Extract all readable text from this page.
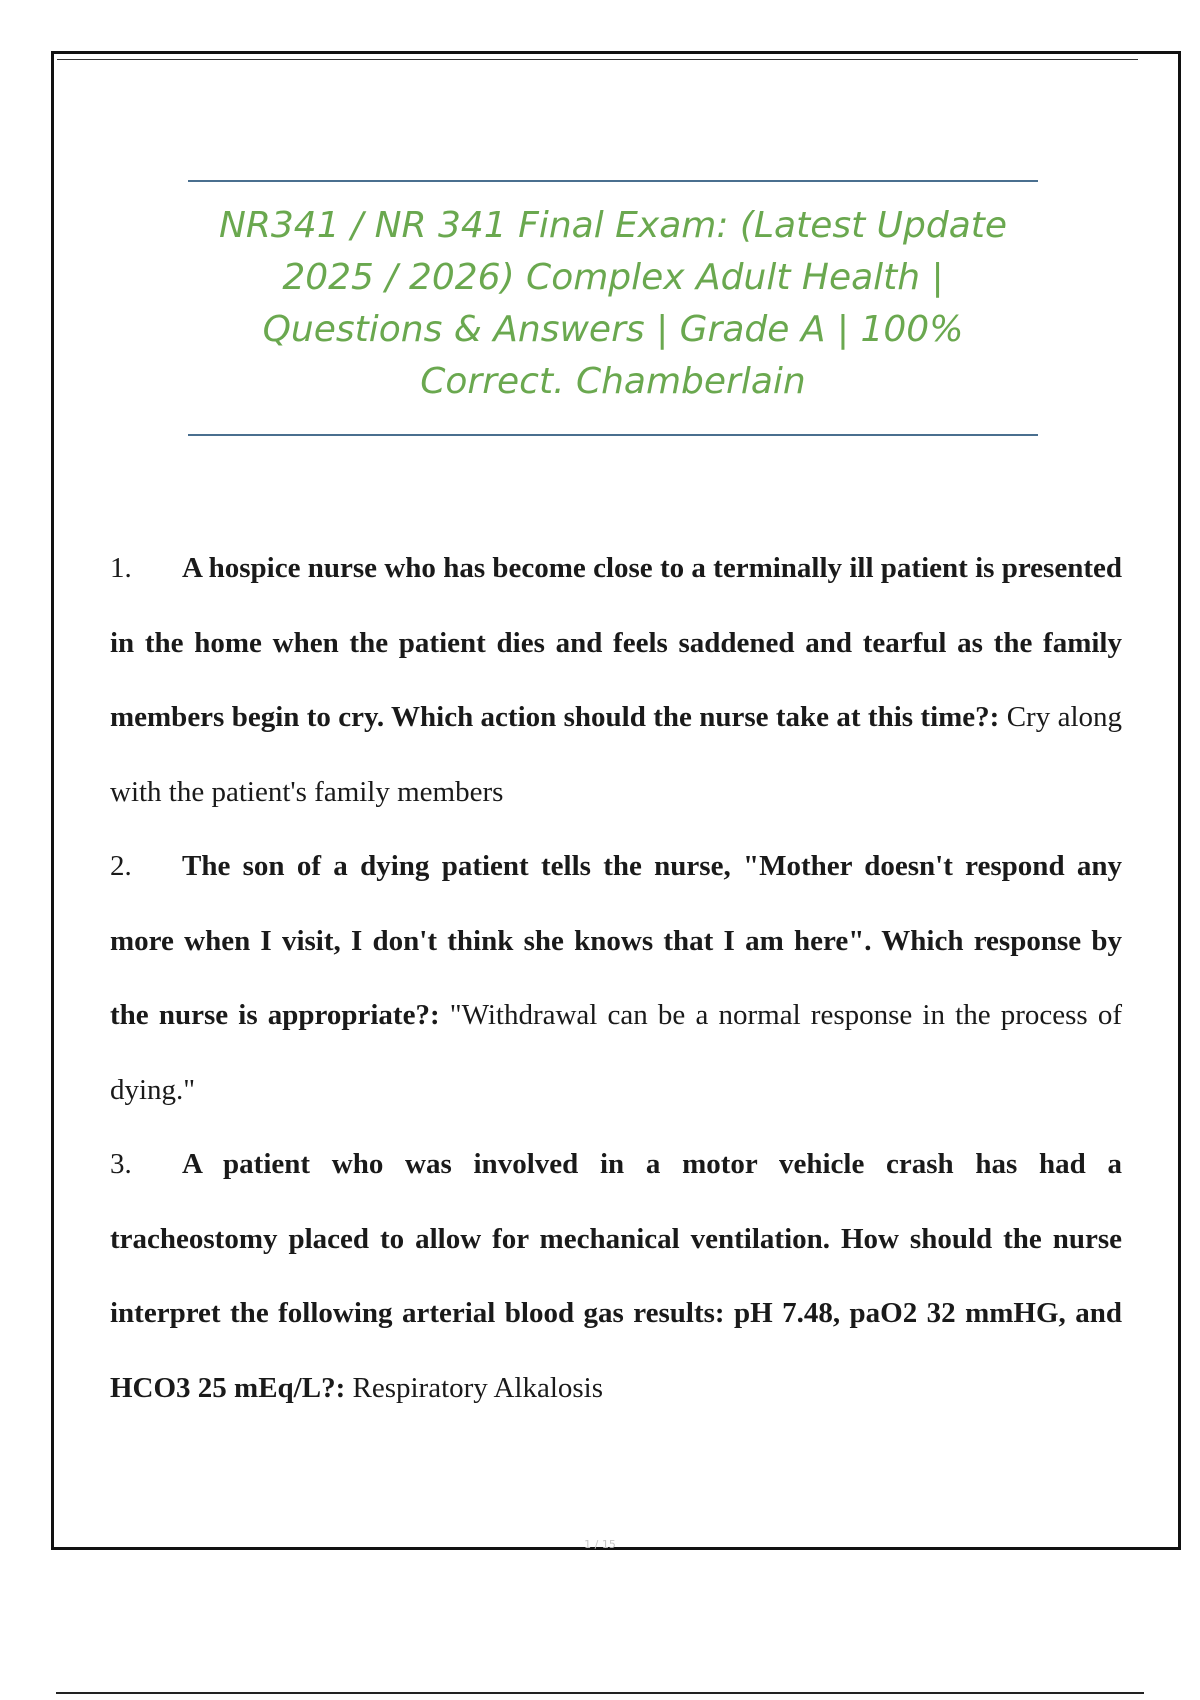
NR341 / NR 341 Final Exam: (Latest Update 2025 / 2026) Complex Adult Health | Questions & Answers | Grade A | 100% Correct. Chamberlain
1. A hospice nurse who has become close to a terminally ill patient is presented in the home when the patient dies and feels saddened and tearful as the family members begin to cry. Which action should the nurse take at this time?: Cry along with the patient's family members
2. The son of a dying patient tells the nurse, "Mother doesn't respond any more when I visit, I don't think she knows that I am here". Which response by the nurse is appropriate?: "Withdrawal can be a normal response in the process of dying."
3. A patient who was involved in a motor vehicle crash has had a tracheostomy placed to allow for mechanical ventilation. How should the nurse interpret the following arterial blood gas results: pH 7.48, paO2 32 mmHG, and HCO3 25 mEq/L?: Respiratory Alkalosis
1 / 15
